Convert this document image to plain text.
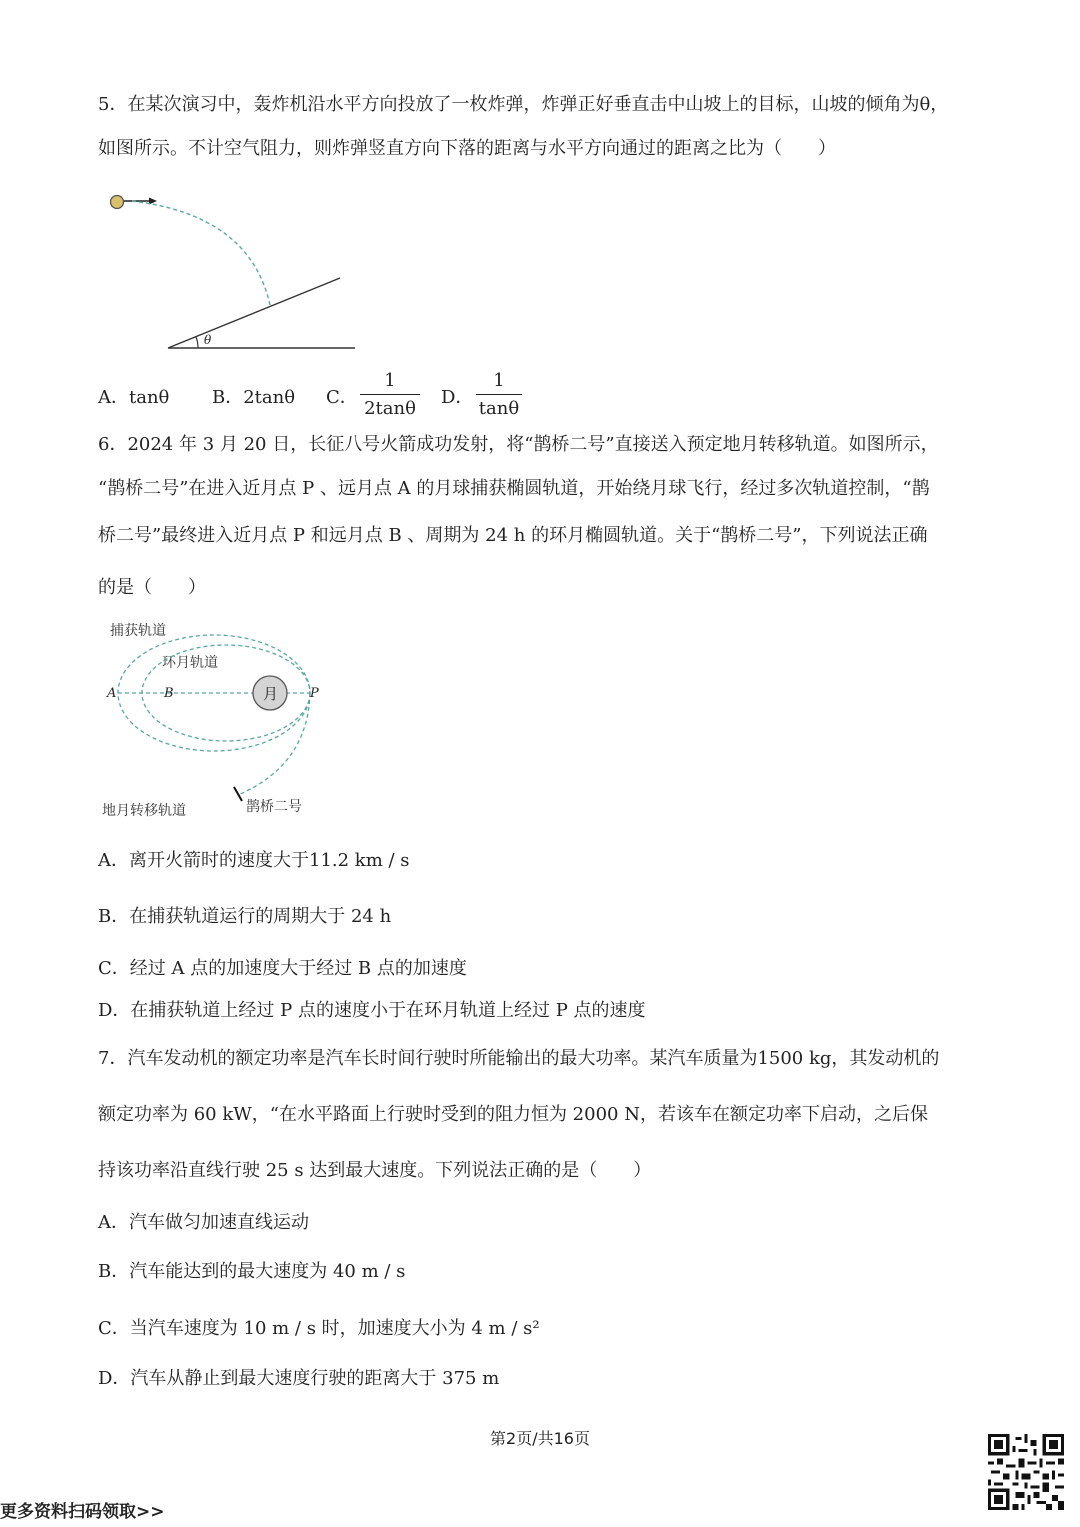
5．在某次演习中，轰炸机沿水平方向投放了一枚炸弹，炸弹正好垂直击中山坡上的目标，山坡的倾角为θ，
如图所示。不计空气阻力，则炸弹竖直方向下落的距离与水平方向通过的距离之比为（　　）
θ
A．tanθ B．2tanθ C．
1
2tanθ
D．
1
tanθ
6．2024 年 3 月 20 日，长征八号火箭成功发射，将“鹊桥二号”直接送入预定地月转移轨道。如图所示，
“鹊桥二号”在进入近月点 P 、远月点 A 的月球捕获椭圆轨道，开始绕月球飞行，经过多次轨道控制，“鹊
桥二号”最终进入近月点 P 和远月点 B 、周期为 24 h 的环月椭圆轨道。关于“鹊桥二号”，下列说法正确
的是（　　）
捕获轨道
环月轨道
地月转移轨道	鹊桥二号
月
A	B	P
A．离开火箭时的速度大于11.2 km / s
B．在捕获轨道运行的周期大于 24 h
C．经过 A 点的加速度大于经过 B 点的加速度
D．在捕获轨道上经过 P 点的速度小于在环月轨道上经过 P 点的速度
7．汽车发动机的额定功率是汽车长时间行驶时所能输出的最大功率。某汽车质量为1500 kg，其发动机的
额定功率为 60 kW，“在水平路面上行驶时受到的阻力恒为 2000 N，若该车在额定功率下启动，之后保
持该功率沿直线行驶 25 s 达到最大速度。下列说法正确的是（　　）
A．汽车做匀加速直线运动
B．汽车能达到的最大速度为 40 m / s
C．当汽车速度为 10 m / s 时，加速度大小为 4 m / s²
D．汽车从静止到最大速度行驶的距离大于 375 m
第2页/共16页
更多资料扫码领取>>
